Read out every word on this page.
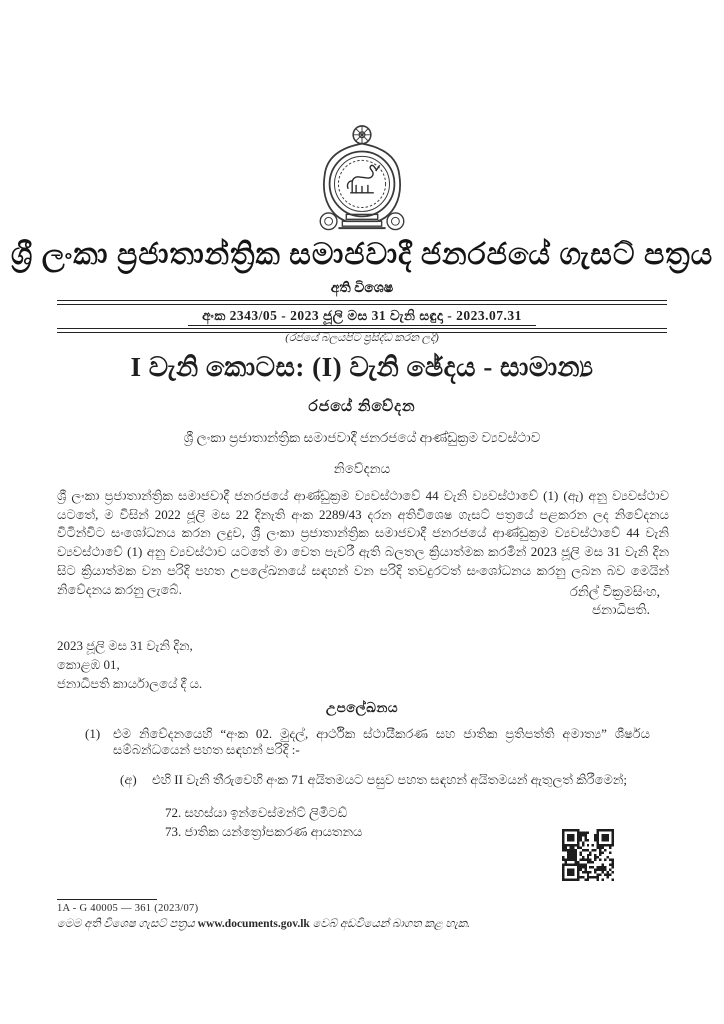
ශ්‍රී ලංකා ප්‍රජාතාන්ත්‍රික සමාජවාදී ජනරජයේ ගැසට් පත්‍රය
අති විශෙෂ
අංක 2343/05 - 2023 ජූලි මස 31 වැනි සඳුදා - 2023.07.31
(රජයේ බලයපිට ප්‍රසිද්ධ කරන ලදී)
I වැනි කොටස: (I) වැනි ඡේදය - සාමාන්‍ය
රජයේ නිවේදන
ශ්‍රී ලංකා ප්‍රජාතාන්ත්‍රික සමාජවාදී ජනරජයේ ආණ්ඩුක්‍රම ව්‍යවස්ථාව
නිවේදනය
ශ්‍රී ලංකා ප්‍රජාතාන්ත්‍රික සමාජවාදී ජනරජයේ ආණ්ඩුක්‍රම ව්‍යවස්ථාවේ 44 වැනි ව්‍යවස්ථාවේ (1) (ඇ) අනු ව්‍යවස්ථාව යටතේ, ම විසින් 2022 ජූලි මස 22 දිනැති අංක 2289/43 දරන අතිවිශෙෂ ගැසට් පත්‍රයේ පළකරන ලද නිවේදනය විටින්විට සංශෝධනය කරන ලදුව, ශ්‍රී ලංකා ප්‍රජාතාන්ත්‍රික සමාජවාදී ජනරජයේ ආණ්ඩුක්‍රම ව්‍යවස්ථාවේ 44 වැනි ව්‍යවස්ථාවේ (1) අනු ව්‍යවස්ථාව යටතේ මා වෙත පැවරී ඇති බලතල ක්‍රියාත්මක කරමින් 2023 ජූලි මස 31 වැනි දින සිට ක්‍රියාත්මක වන පරිදි පහත උපලේඛනයේ සඳහන් වන පරිදි තවදුරටත් සංශෝධනය කරනු ලබන බව මෙයින් නිවේදනය කරනු ලැබේ.	රනිල් වික්‍රමසිංහ,
ජනාධිපති.
2023 ජූලි මස 31 වැනි දින,
කොළඹ 01,
ජනාධිපති කාර්යාලයේ දී ය.
උපලේඛනය
(1) එම නිවේදනයෙහි “අංක 02. මුදල්, ආර්ථික ස්ථායීකරණ සහ ජාතික ප්‍රතිපත්ති අමාත්‍ය” ශීර්ෂය සම්බන්ධයෙන් පහත සඳහන් පරිදි :-
(අ) එහි II වැනි තීරුවෙහි අංක 71 අයිතමයට පසුව පහත සඳහන් අයිතමයන් ඇතුලත් කිරීමෙන්;
72. සහස්යා ඉන්වෙස්මන්ට් ලිමිටඩ්
73. ජාතික යන්ත්‍රෝපකරණ ආයතනය
1A - G 40005 — 361 (2023/07)
මෙම අති විශෙෂ ගැසට් පත්‍රය www.documents.gov.lk වෙබ් අඩවියෙන් බාගත කළ හැක.
